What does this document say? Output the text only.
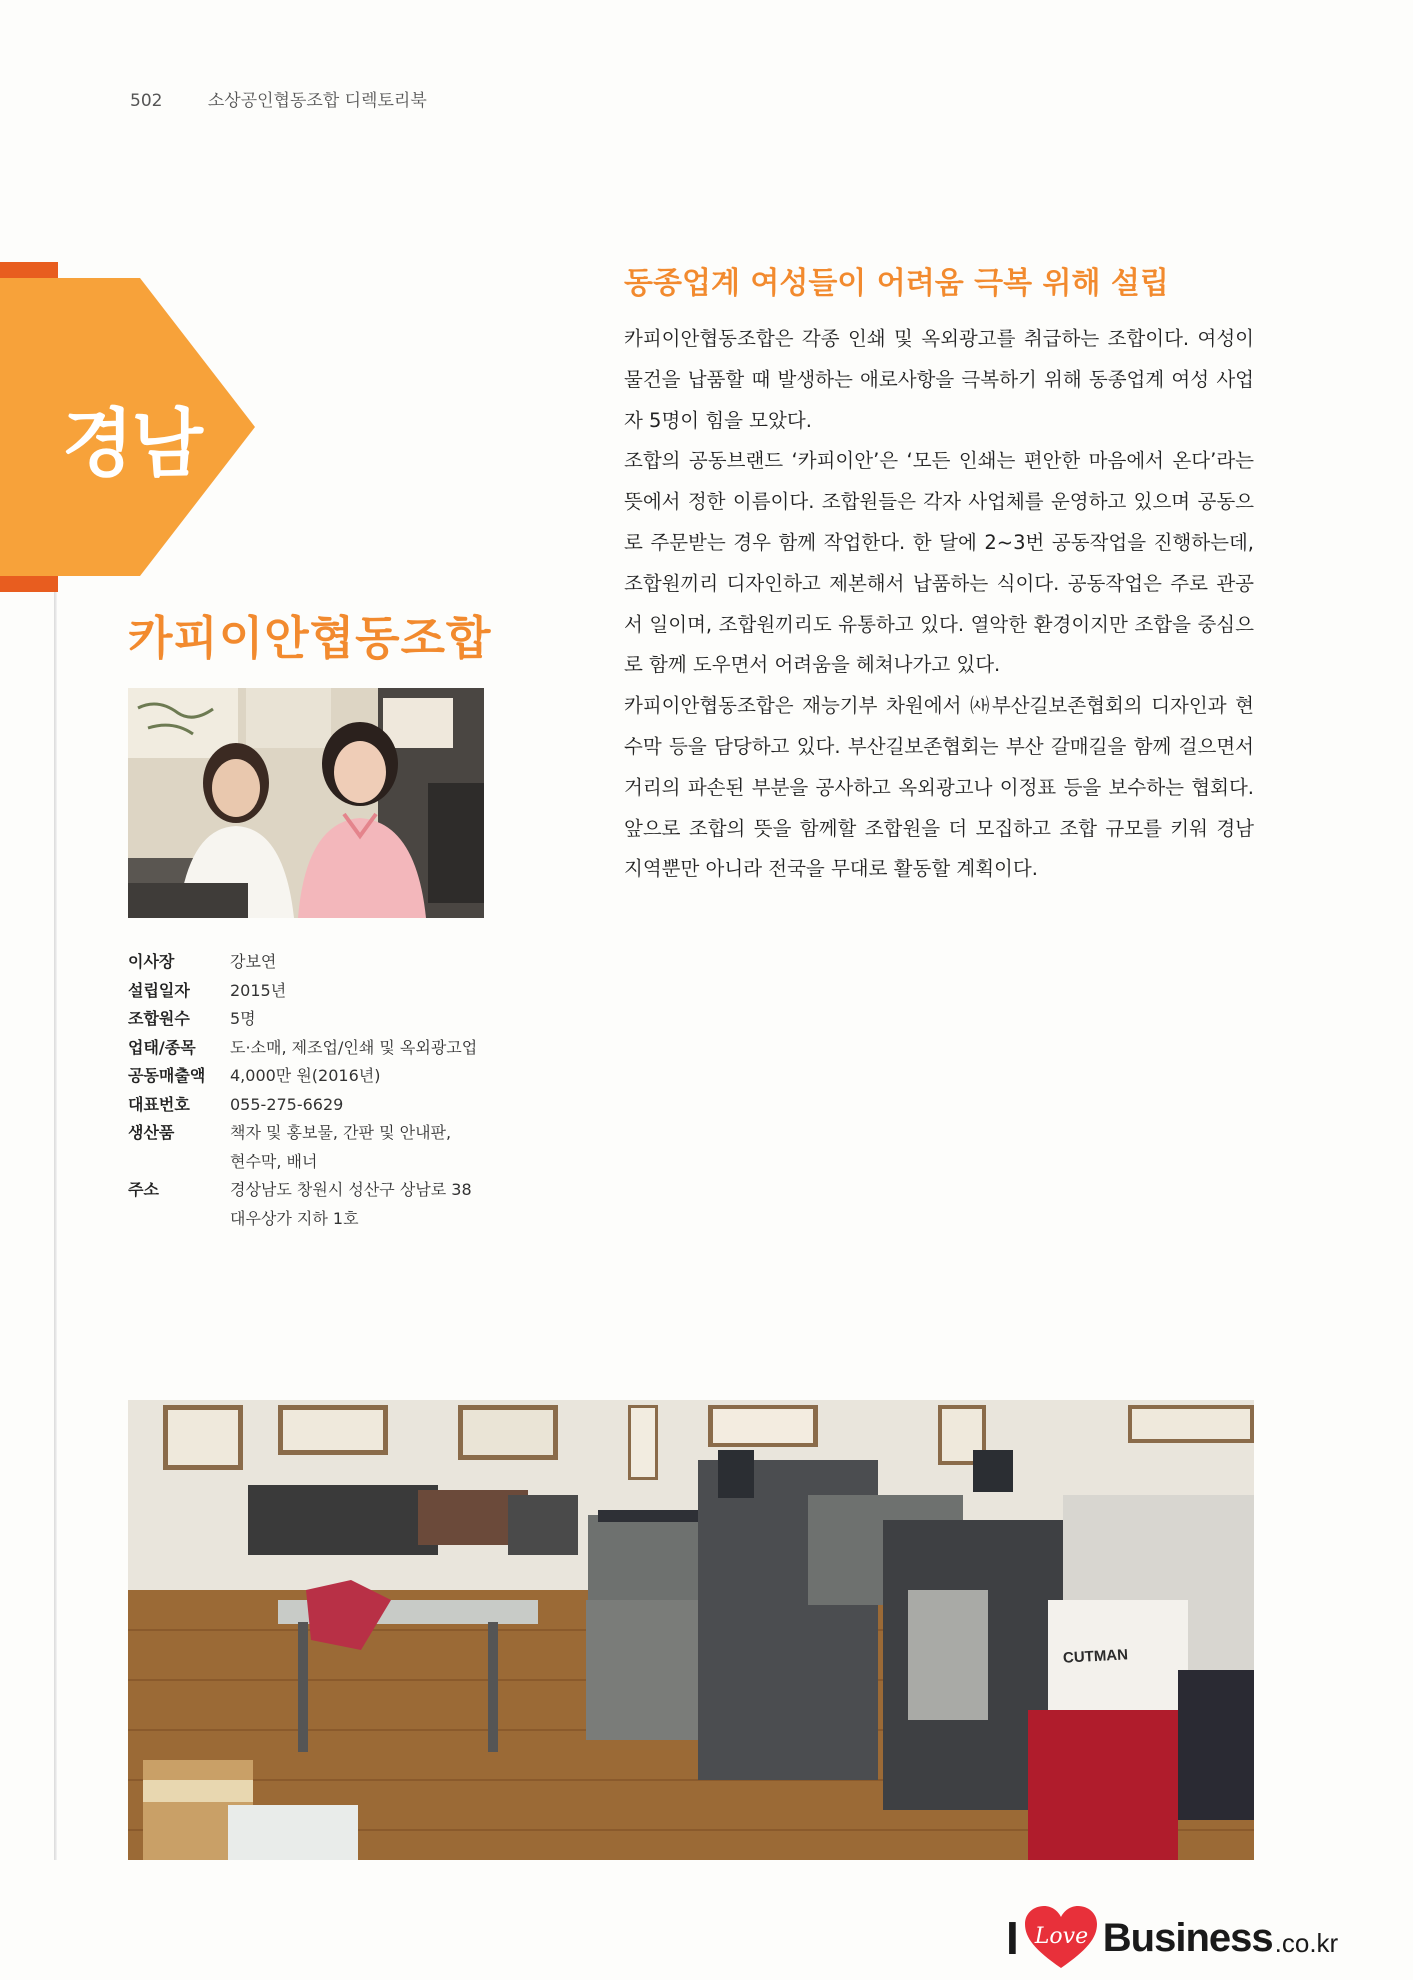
502	소상공인협동조합 디렉토리북
경남
카피이안협동조합
이사장	강보연
설립일자	2015년
조합원수	5명
업태/종목	도·소매, 제조업/인쇄 및 옥외광고업
공동매출액	4,000만 원(2016년)
대표번호	055-275-6629
생산품	책자 및 홍보물, 간판 및 안내판,
현수막, 배너
주소	경상남도 창원시 성산구 상남로 38
대우상가 지하 1호
동종업계 여성들이 어려움 극복 위해 설립

카피이안협동조합은 각종 인쇄 및 옥외광고를 취급하는 조합이다. 여성이 물건을 납품할 때 발생하는 애로사항을 극복하기 위해 동종업계 여성 사업자 5명이 힘을 모았다.

조합의 공동브랜드 ‘카피이안’은 ‘모든 인쇄는 편안한 마음에서 온다’라는 뜻에서 정한 이름이다. 조합원들은 각자 사업체를 운영하고 있으며 공동으로 주문받는 경우 함께 작업한다. 한 달에 2~3번 공동작업을 진행하는데, 조합원끼리 디자인하고 제본해서 납품하는 식이다. 공동작업은 주로 관공서 일이며, 조합원끼리도 유통하고 있다. 열악한 환경이지만 조합을 중심으로 함께 도우면서 어려움을 헤쳐나가고 있다.

카피이안협동조합은 재능기부 차원에서 ㈔부산길보존협회의 디자인과 현수막 등을 담당하고 있다. 부산길보존협회는 부산 갈매길을 함께 걸으면서 거리의 파손된 부분을 공사하고 옥외광고나 이정표 등을 보수하는 협회다. 앞으로 조합의 뜻을 함께할 조합원을 더 모집하고 조합 규모를 키워 경남 지역뿐만 아니라 전국을 무대로 활동할 계획이다.

CUTMAN
I Love Business .co.kr
